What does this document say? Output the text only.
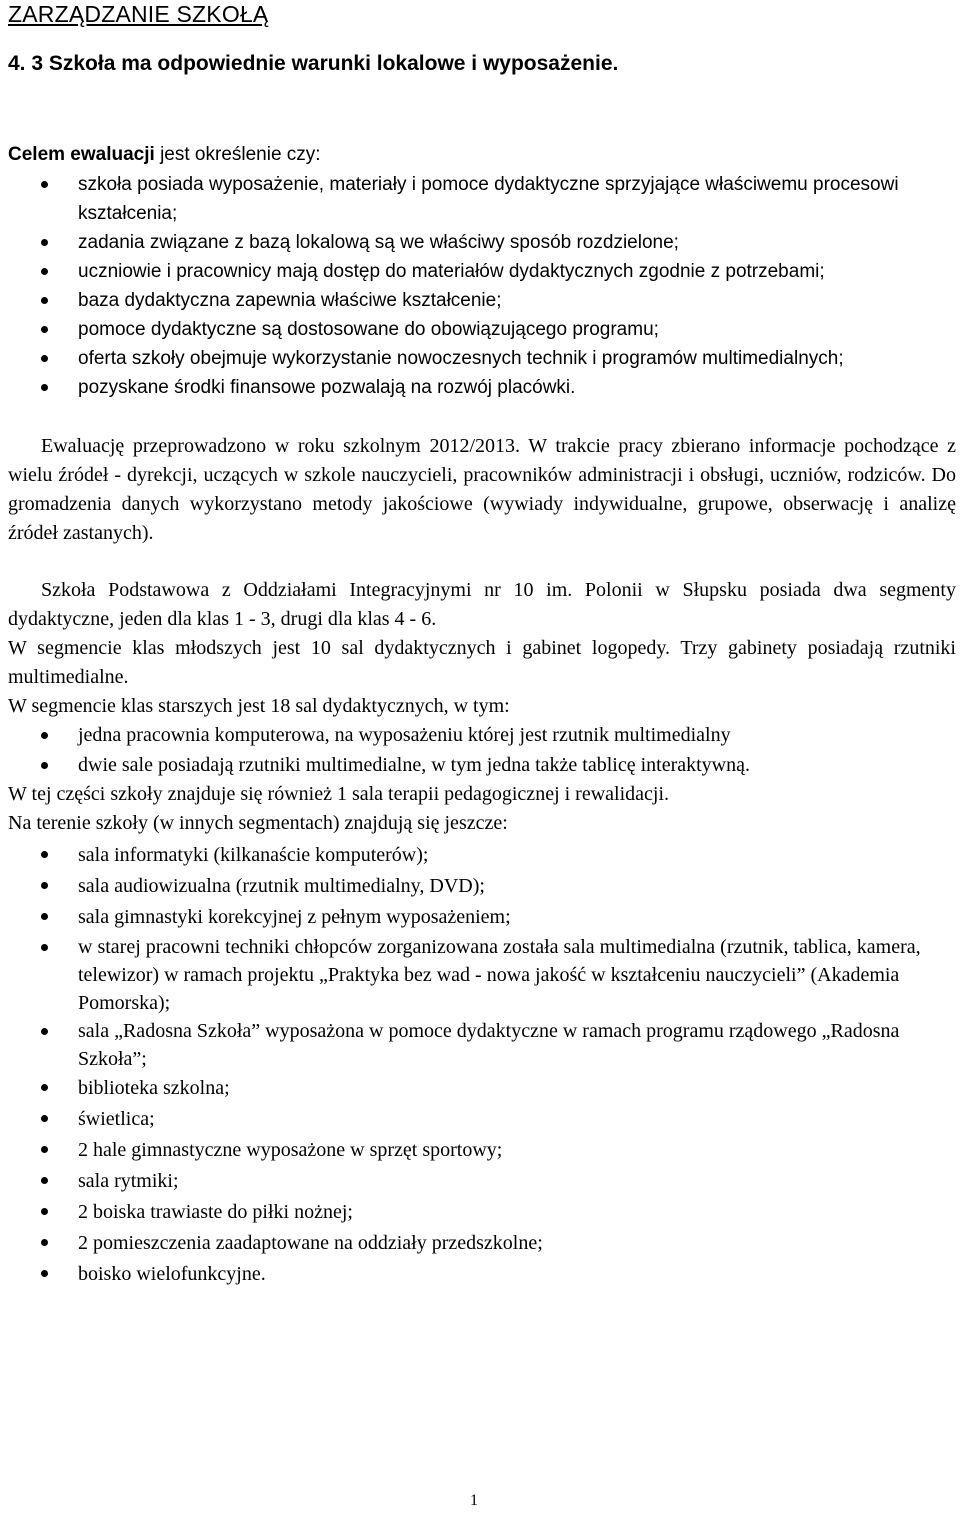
ZARZĄDZANIE SZKOŁĄ
4. 3 Szkoła ma odpowiednie warunki lokalowe i wyposażenie.
Celem ewaluacji jest określenie czy:
szkoła posiada wyposażenie, materiały i pomoce dydaktyczne sprzyjające właściwemu procesowi kształcenia;
zadania związane z bazą lokalową są we właściwy sposób rozdzielone;
uczniowie i pracownicy mają dostęp do materiałów dydaktycznych zgodnie z potrzebami;
baza dydaktyczna zapewnia właściwe kształcenie;
pomoce dydaktyczne są dostosowane do obowiązującego programu;
oferta szkoły obejmuje wykorzystanie nowoczesnych technik i programów multimedialnych;
pozyskane środki finansowe pozwalają na rozwój placówki.

Ewaluację przeprowadzono w roku szkolnym 2012/2013. W trakcie pracy zbierano informacje pochodzące z wielu źródeł - dyrekcji, uczących w szkole nauczycieli, pracowników administracji i obsługi, uczniów, rodziców. Do gromadzenia danych wykorzystano metody jakościowe (wywiady indywidualne, grupowe, obserwację i analizę źródeł zastanych).

Szkoła Podstawowa z Oddziałami Integracyjnymi nr 10 im. Polonii w Słupsku posiada dwa segmenty dydaktyczne, jeden dla klas 1 - 3, drugi dla klas 4 - 6.

W segmencie klas młodszych jest 10 sal dydaktycznych i gabinet logopedy. Trzy gabinety posiadają rzutniki multimedialne.

W segmencie klas starszych jest 18 sal dydaktycznych, w tym:

jedna pracownia komputerowa, na wyposażeniu której jest rzutnik multimedialny
dwie sale posiadają rzutniki multimedialne, w tym jedna także tablicę interaktywną.

W tej części szkoły znajduje się również 1 sala terapii pedagogicznej i rewalidacji.

Na terenie szkoły (w innych segmentach) znajdują się jeszcze:

sala informatyki (kilkanaście komputerów);
sala audiowizualna (rzutnik multimedialny, DVD);
sala gimnastyki korekcyjnej z pełnym wyposażeniem;
w starej pracowni techniki chłopców zorganizowana została sala multimedialna (rzutnik, tablica, kamera, telewizor) w ramach projektu „Praktyka bez wad - nowa jakość w kształceniu nauczycieli” (Akademia Pomorska);
sala „Radosna Szkoła” wyposażona w pomoce dydaktyczne w ramach programu rządowego „Radosna Szkoła”;
biblioteka szkolna;
świetlica;
2 hale gimnastyczne wyposażone w sprzęt sportowy;
sala rytmiki;
2 boiska trawiaste do piłki nożnej;
2 pomieszczenia zaadaptowane na oddziały przedszkolne;
boisko wielofunkcyjne.
1
